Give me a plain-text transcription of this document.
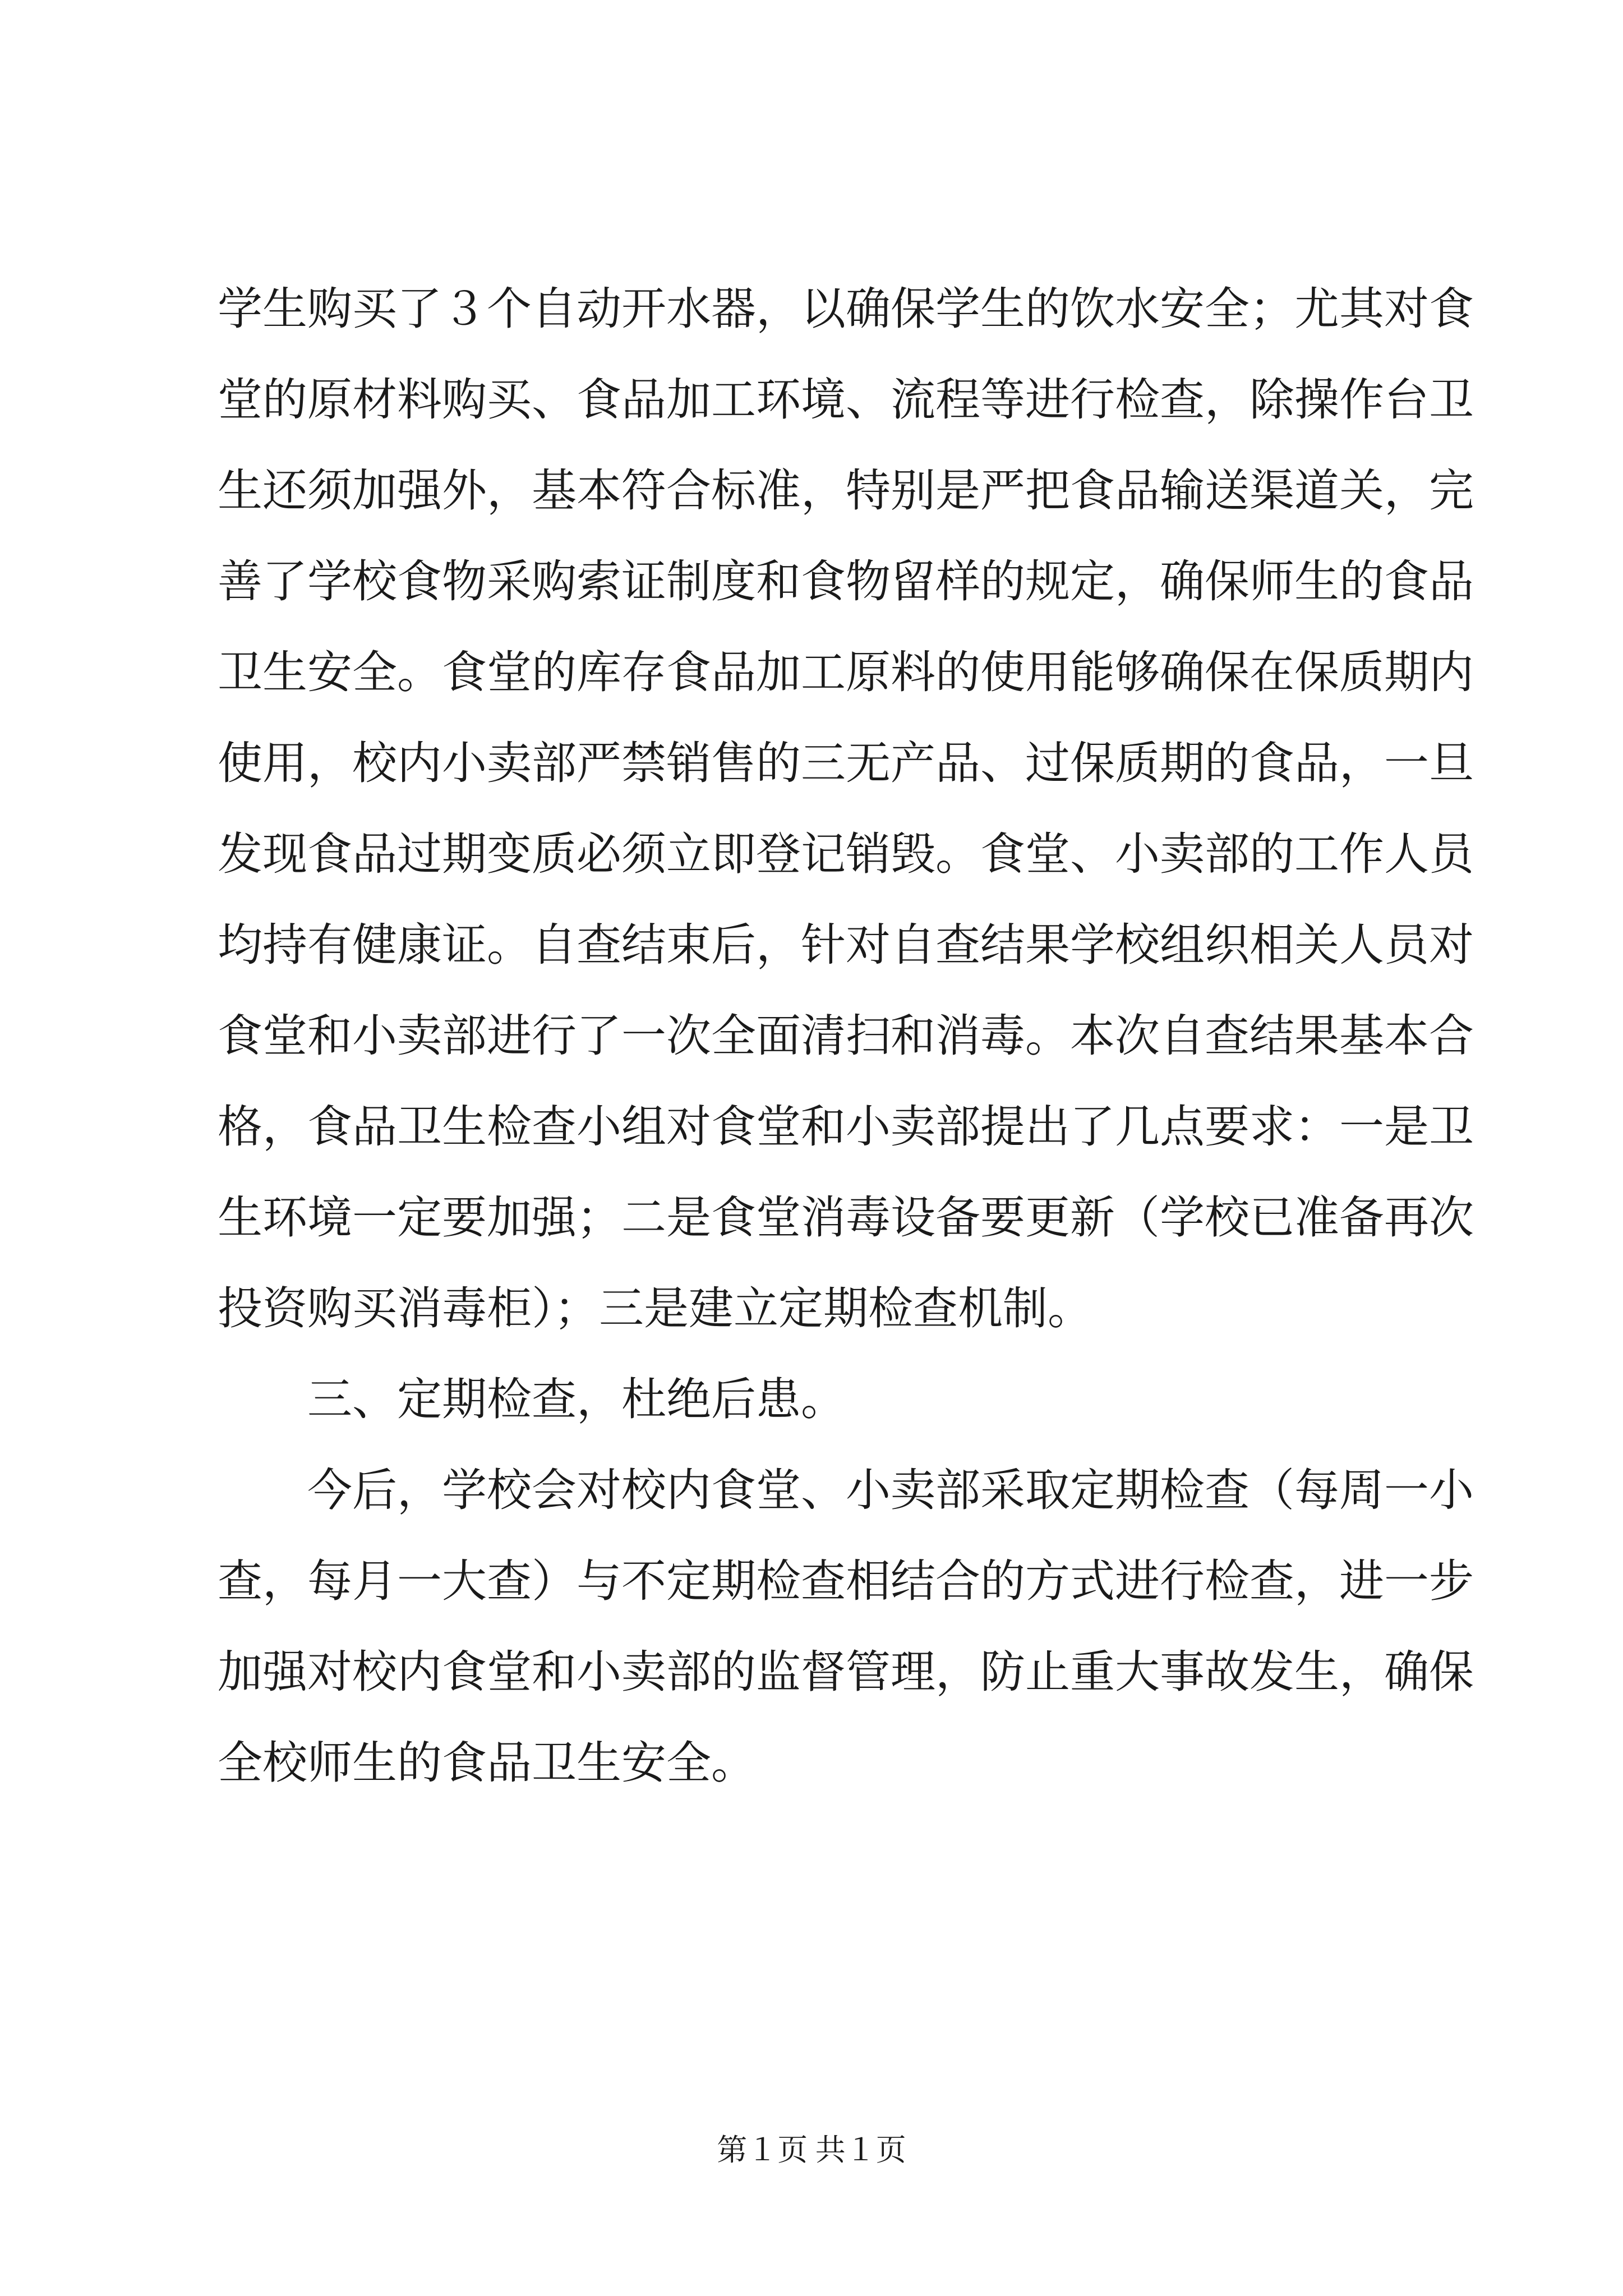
学生购买了３个自动开水器，以确保学生的饮水安全；尤其对食
堂的原材料购买、食品加工环境、流程等进行检查，除操作台卫
生还须加强外，基本符合标准，特别是严把食品输送渠道关，完
善了学校食物采购索证制度和食物留样的规定，确保师生的食品
卫生安全。食堂的库存食品加工原料的使用能够确保在保质期内
使用，校内小卖部严禁销售的三无产品、过保质期的食品，一旦
发现食品过期变质必须立即登记销毁。食堂、小卖部的工作人员
均持有健康证。自查结束后，针对自查结果学校组织相关人员对
食堂和小卖部进行了一次全面清扫和消毒。本次自查结果基本合
格，食品卫生检查小组对食堂和小卖部提出了几点要求：一是卫
生环境一定要加强；二是食堂消毒设备要更新（学校已准备再次
投资购买消毒柜）；三是建立定期检查机制。
三、定期检查，杜绝后患。
今后，学校会对校内食堂、小卖部采取定期检查（每周一小
查，每月一大查）与不定期检查相结合的方式进行检查，进一步
加强对校内食堂和小卖部的监督管理，防止重大事故发生，确保
全校师生的食品卫生安全。
第１页 共１页
